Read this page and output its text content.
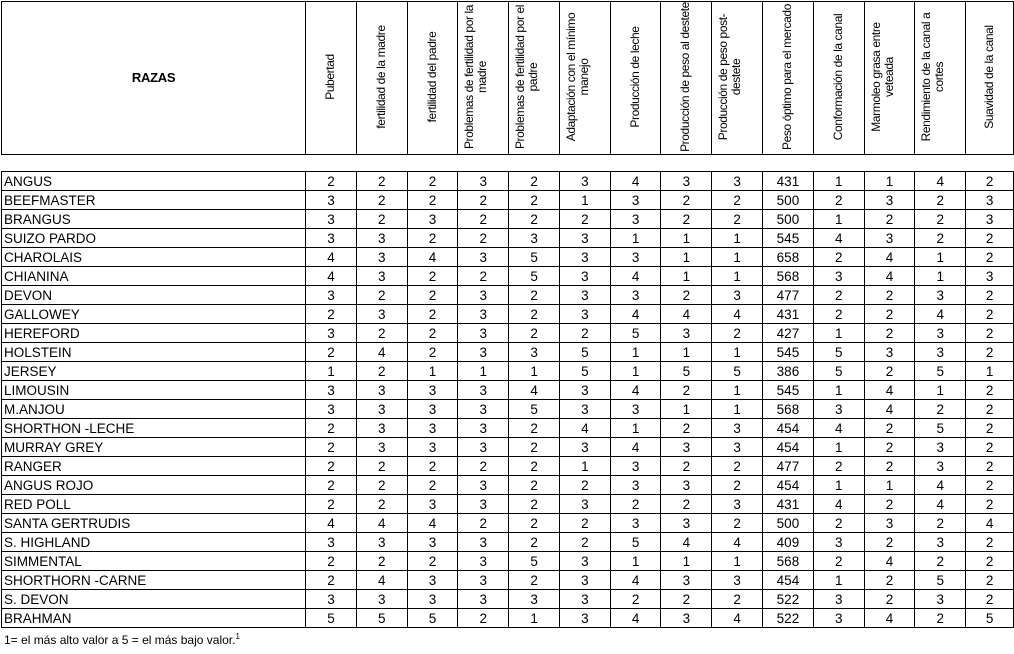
RAZAS	Pubertad	fertilidad de la madre	fertilidad del padre	Problemas de fertilidad por la madre	Problemas de fertilidad por el padre	Adaptación con el mínimo manejo	Producción de leche	Producción de peso al destete	Producción de peso post-destete	Peso óptimo para el mercado	Conformación de la canal	Marmoleo grasa entre veteada	Rendimiento de la canal a cortes	Suavidad de la canal

ANGUS	2	2	2	3	2	3	4	3	3	431	1	1	4	2
BEEFMASTER	3	2	2	2	2	1	3	2	2	500	2	3	2	3
BRANGUS	3	2	3	2	2	2	3	2	2	500	1	2	2	3
SUIZO PARDO	3	3	2	2	3	3	1	1	1	545	4	3	2	2
CHAROLAIS	4	3	4	3	5	3	3	1	1	658	2	4	1	2
CHIANINA	4	3	2	2	5	3	4	1	1	568	3	4	1	3
DEVON	3	2	2	3	2	3	3	2	3	477	2	2	3	2
GALLOWEY	2	3	2	3	2	3	4	4	4	431	2	2	4	2
HEREFORD	3	2	2	3	2	2	5	3	2	427	1	2	3	2
HOLSTEIN	2	4	2	3	3	5	1	1	1	545	5	3	3	2
JERSEY	1	2	1	1	1	5	1	5	5	386	5	2	5	1
LIMOUSIN	3	3	3	3	4	3	4	2	1	545	1	4	1	2
M.ANJOU	3	3	3	3	5	3	3	1	1	568	3	4	2	2
SHORTHON -LECHE	2	3	3	3	2	4	1	2	3	454	4	2	5	2
MURRAY GREY	2	3	3	3	2	3	4	3	3	454	1	2	3	2
RANGER	2	2	2	2	2	1	3	2	2	477	2	2	3	2
ANGUS ROJO	2	2	2	3	2	2	3	3	2	454	1	1	4	2
RED POLL	2	2	3	3	2	3	2	2	3	431	4	2	4	2
SANTA GERTRUDIS	4	4	4	2	2	2	3	3	2	500	2	3	2	4
S. HIGHLAND	3	3	3	3	2	2	5	4	4	409	3	2	3	2
SIMMENTAL	2	2	2	3	5	3	1	1	1	568	2	4	2	2
SHORTHORN -CARNE	2	4	3	3	2	3	4	3	3	454	1	2	5	2
S. DEVON	3	3	3	3	3	3	2	2	2	522	3	2	3	2
BRAHMAN	5	5	5	2	1	3	4	3	4	522	3	4	2	5
1= el más alto valor a 5 = el más bajo valor.$^1$
